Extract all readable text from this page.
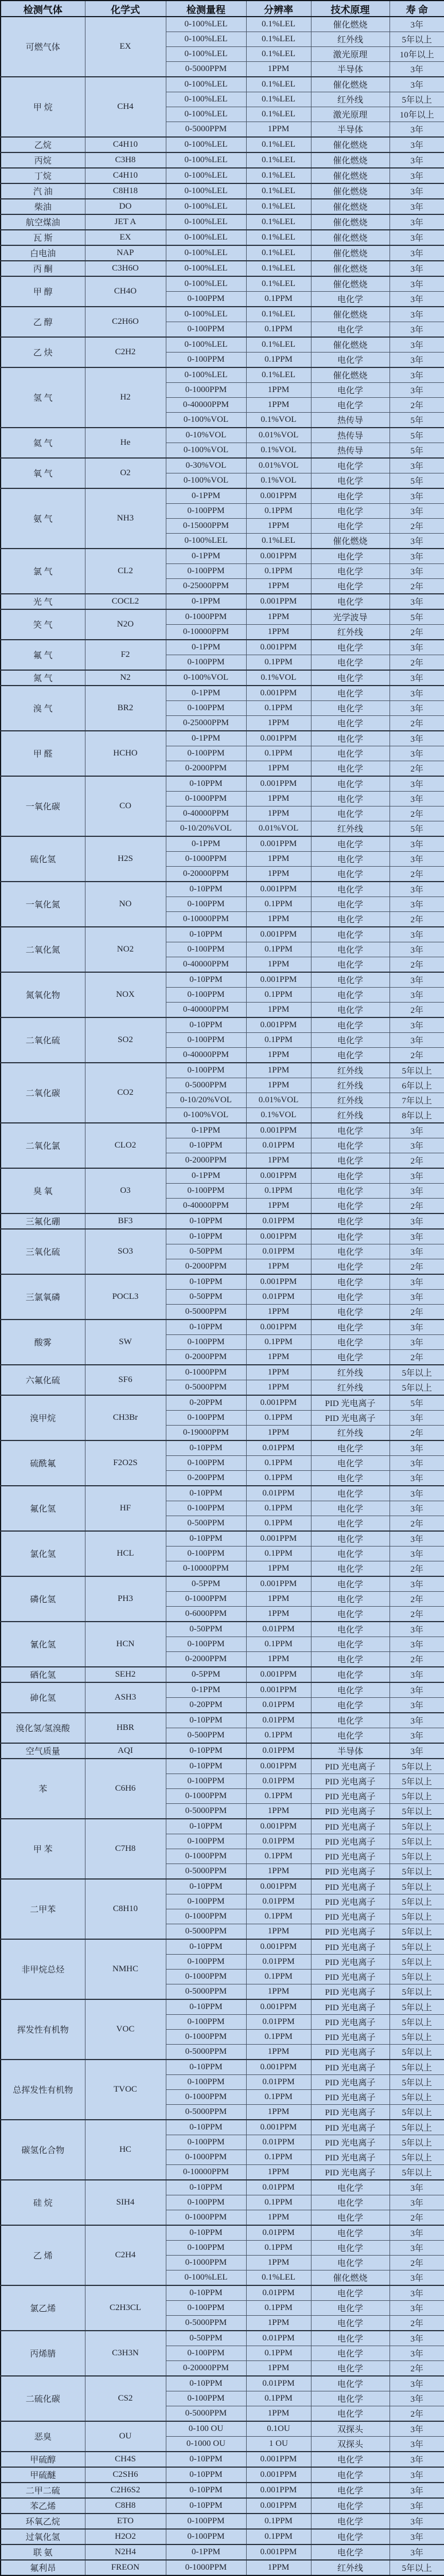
检测气体	化学式	检测量程	分辨率	技术原理	寿 命
可燃气体	EX	0-100%LEL	0.1%LEL	催化燃烧	3年
		0-100%LEL	0.1%LEL	红外线	5年以上
		0-100%LEL	0.1%LEL	激光原理	10年以上
		0-5000PPM	1PPM	半导体	3年
甲 烷	CH4	0-100%LEL	0.1%LEL	催化燃烧	3年
		0-100%LEL	0.1%LEL	红外线	5年以上
		0-100%LEL	0.1%LEL	激光原理	10年以上
		0-5000PPM	1PPM	半导体	3年
乙烷	C4H10	0-100%LEL	0.1%LEL	催化燃烧	3年
丙烷	C3H8	0-100%LEL	0.1%LEL	催化燃烧	3年
丁烷	C4H10	0-100%LEL	0.1%LEL	催化燃烧	3年
汽 油	C8H18	0-100%LEL	0.1%LEL	催化燃烧	3年
柴油	DO	0-100%LEL	0.1%LEL	催化燃烧	3年
航空煤油	JET A	0-100%LEL	0.1%LEL	催化燃烧	3年
瓦 斯	EX	0-100%LEL	0.1%LEL	催化燃烧	3年
白电油	NAP	0-100%LEL	0.1%LEL	催化燃烧	3年
丙 酮	C3H6O	0-100%LEL	0.1%LEL	催化燃烧	3年
甲 醇	CH4O	0-100%LEL	0.1%LEL	催化燃烧	3年
		0-100PPM	0.1PPM	电化学	3年
乙 醇	C2H6O	0-100%LEL	0.1%LEL	催化燃烧	3年
		0-100PPM	0.1PPM	电化学	3年
乙 炔	C2H2	0-100%LEL	0.1%LEL	催化燃烧	3年
		0-100PPM	0.1PPM	电化学	3年
氢 气	H2	0-100%LEL	0.1%LEL	催化燃烧	3年
		0-1000PPM	1PPM	电化学	3年
		0-40000PPM	1PPM	电化学	2年
		0-100%VOL	0.1%VOL	热传导	5年
氦 气	He	0-10%VOL	0.01%VOL	热传导	5年
		0-100%VOL	0.1%VOL	热传导	5年
氧 气	O2	0-30%VOL	0.01%VOL	电化学	3年
		0-100%VOL	0.1%VOL	电化学	5年
氨 气	NH3	0-1PPM	0.001PPM	电化学	3年
		0-100PPM	0.1PPM	电化学	3年
		0-15000PPM	1PPM	电化学	2年
		0-100%LEL	0.1%LEL	催化燃烧	3年
氯 气	CL2	0-1PPM	0.001PPM	电化学	3年
		0-100PPM	0.1PPM	电化学	3年
		0-25000PPM	1PPM	电化学	2年
光 气	COCL2	0-1PPM	0.001PPM	电化学	3年
笑 气	N2O	0-1000PPM	1PPM	光学波导	5年
		0-10000PPM	1PPM	红外线	2年
氟 气	F2	0-1PPM	0.001PPM	电化学	3年
		0-100PPM	0.1PPM	电化学	2年
氮 气	N2	0-100%VOL	0.1%VOL	电化学	3年
溴 气	BR2	0-1PPM	0.001PPM	电化学	3年
		0-100PPM	0.1PPM	电化学	3年
		0-25000PPM	1PPM	电化学	2年
甲 醛	HCHO	0-1PPM	0.001PPM	电化学	3年
		0-100PPM	0.1PPM	电化学	3年
		0-2000PPM	1PPM	电化学	2年
一氧化碳	CO	0-10PPM	0.001PPM	电化学	3年
		0-1000PPM	1PPM	电化学	3年
		0-40000PPM	1PPM	电化学	2年
		0-10/20%VOL	0.01%VOL	红外线	5年
硫化氢	H2S	0-1PPM	0.001PPM	电化学	3年
		0-1000PPM	1PPM	电化学	3年
		0-20000PPM	1PPM	电化学	2年
一氧化氮	NO	0-10PPM	0.001PPM	电化学	3年
		0-100PPM	0.1PPM	电化学	3年
		0-10000PPM	1PPM	电化学	2年
二氧化氮	NO2	0-10PPM	0.001PPM	电化学	3年
		0-100PPM	0.1PPM	电化学	3年
		0-40000PPM	1PPM	电化学	2年
氮氧化物	NOX	0-10PPM	0.001PPM	电化学	3年
		0-100PPM	0.1PPM	电化学	3年
		0-40000PPM	1PPM	电化学	2年
二氧化硫	SO2	0-10PPM	0.001PPM	电化学	3年
		0-100PPM	0.1PPM	电化学	3年
		0-40000PPM	1PPM	电化学	2年
二氧化碳	CO2	0-100PPM	1PPM	红外线	5年以上
		0-5000PPM	1PPM	红外线	6年以上
		0-10/20%VOL	0.01%VOL	红外线	7年以上
		0-100%VOL	0.1%VOL	红外线	8年以上
二氧化氯	CLO2	0-1PPM	0.001PPM	电化学	3年
		0-10PPM	0.01PPM	电化学	3年
		0-2000PPM	1PPM	电化学	2年
臭 氧	O3	0-1PPM	0.001PPM	电化学	3年
		0-100PPM	0.1PPM	电化学	3年
		0-40000PPM	1PPM	电化学	2年
三氟化硼	BF3	0-10PPM	0.01PPM	电化学	3年
三氧化硫	SO3	0-10PPM	0.001PPM	电化学	3年
		0-50PPM	0.01PPM	电化学	3年
		0-2000PPM	1PPM	电化学	2年
三氯氧磷	POCL3	0-10PPM	0.001PPM	电化学	3年
		0-50PPM	0.01PPM	电化学	3年
		0-5000PPM	1PPM	电化学	2年
酸雾	SW	0-10PPM	0.001PPM	电化学	3年
		0-100PPM	0.1PPM	电化学	3年
		0-2000PPM	1PPM	电化学	2年
六氟化硫	SF6	0-1000PPM	1PPM	红外线	5年以上
		0-5000PPM	1PPM	红外线	5年以上
溴甲烷	CH3Br	0-20PPM	0.001PPM	PID 光电离子	5年
		0-100PPM	0.1PPM	PID 光电离子	3年
		0-19000PPM	1PPM	红外线	2年
硫酰氟	F2O2S	0-10PPM	0.01PPM	电化学	3年
		0-100PPM	0.1PPM	电化学	3年
		0-200PPM	0.1PPM	电化学	3年
氟化氢	HF	0-10PPM	0.01PPM	电化学	3年
		0-100PPM	0.1PPM	电化学	3年
		0-500PPM	0.1PPM	电化学	2年
氯化氢	HCL	0-10PPM	0.001PPM	电化学	3年
		0-100PPM	0.1PPM	电化学	3年
		0-10000PPM	1PPM	电化学	2年
磷化氢	PH3	0-5PPM	0.001PPM	电化学	3年
		0-1000PPM	1PPM	电化学	2年
		0-6000PPM	1PPM	电化学	2年
氰化氢	HCN	0-50PPM	0.01PPM	电化学	3年
		0-100PPM	0.1PPM	电化学	3年
		0-2000PPM	1PPM	电化学	2年
硒化氢	SEH2	0-5PPM	0.001PPM	电化学	3年
砷化氢	ASH3	0-1PPM	0.001PPM	电化学	3年
		0-20PPM	0.01PPM	电化学	3年
溴化氢/氢溴酸	HBR	0-10PPM	0.01PPM	电化学	3年
		0-500PPM	0.1PPM	电化学	3年
空气质量	AQI	0-10PPM	0.01PPM	半导体	3年
苯	C6H6	0-10PPM	0.001PPM	PID 光电离子	5年以上
		0-100PPM	0.01PPM	PID 光电离子	5年以上
		0-1000PPM	0.1PPM	PID 光电离子	5年以上
		0-5000PPM	1PPM	PID 光电离子	5年以上
甲 苯	C7H8	0-10PPM	0.001PPM	PID 光电离子	5年以上
		0-100PPM	0.01PPM	PID 光电离子	5年以上
		0-1000PPM	0.1PPM	PID 光电离子	5年以上
		0-5000PPM	1PPM	PID 光电离子	5年以上
二甲苯	C8H10	0-10PPM	0.001PPM	PID 光电离子	5年以上
		0-100PPM	0.01PPM	PID 光电离子	5年以上
		0-1000PPM	0.1PPM	PID 光电离子	5年以上
		0-5000PPM	1PPM	PID 光电离子	5年以上
非甲烷总烃	NMHC	0-10PPM	0.001PPM	PID 光电离子	5年以上
		0-100PPM	0.01PPM	PID 光电离子	5年以上
		0-1000PPM	0.1PPM	PID 光电离子	5年以上
		0-5000PPM	1PPM	PID 光电离子	5年以上
挥发性有机物	VOC	0-10PPM	0.001PPM	PID 光电离子	5年以上
		0-100PPM	0.01PPM	PID 光电离子	5年以上
		0-1000PPM	0.1PPM	PID 光电离子	5年以上
		0-5000PPM	1PPM	PID 光电离子	5年以上
总挥发性有机物	TVOC	0-10PPM	0.001PPM	PID 光电离子	5年以上
		0-100PPM	0.01PPM	PID 光电离子	5年以上
		0-1000PPM	0.1PPM	PID 光电离子	5年以上
		0-5000PPM	1PPM	PID 光电离子	5年以上
碳氢化合物	HC	0-10PPM	0.001PPM	PID 光电离子	5年以上
		0-100PPM	0.01PPM	PID 光电离子	5年以上
		0-1000PPM	0.1PPM	PID 光电离子	5年以上
		0-10000PPM	1PPM	PID 光电离子	5年以上
硅 烷	SIH4	0-10PPM	0.01PPM	电化学	3年
		0-100PPM	0.1PPM	电化学	3年
		0-1000PPM	1PPM	电化学	2年
乙 烯	C2H4	0-10PPM	0.01PPM	电化学	3年
		0-100PPM	0.1PPM	电化学	3年
		0-1000PPM	1PPM	电化学	2年
		0-100%LEL	0.1%LEL	催化燃烧	3年
氯乙烯	C2H3CL	0-10PPM	0.01PPM	电化学	3年
		0-100PPM	0.1PPM	电化学	3年
		0-5000PPM	1PPM	电化学	2年
丙烯腈	C3H3N	0-50PPM	0.01PPM	电化学	3年
		0-100PPM	0.1PPM	电化学	3年
		0-20000PPM	1PPM	电化学	2年
二硫化碳	CS2	0-10PPM	0.01PPM	电化学	3年
		0-100PPM	0.1PPM	电化学	3年
		0-5000PPM	1PPM	电化学	2年
恶臭	OU	0-100 OU	0.1OU	双探头	3年
		0-1000 OU	1 OU	双探头	3年
甲硫醇	CH4S	0-10PPM	0.001PPM	电化学	3年
甲硫醚	C2SH6	0-10PPM	0.001PPM	电化学	3年
二甲二硫	C2H6S2	0-10PPM	0.001PPM	电化学	3年
苯乙烯	C8H8	0-10PPM	0.001PPM	电化学	3年
环氧乙烷	ETO	0-100PPM	0.1PPM	电化学	3年
过氧化氢	H2O2	0-100PPM	0.1PPM	电化学	3年
联 氨	N2H4	0-1PPM	0.001PPM	电化学	3年
氟利昂	FREON	0-1000PPM	1PPM	红外线	5年以上
